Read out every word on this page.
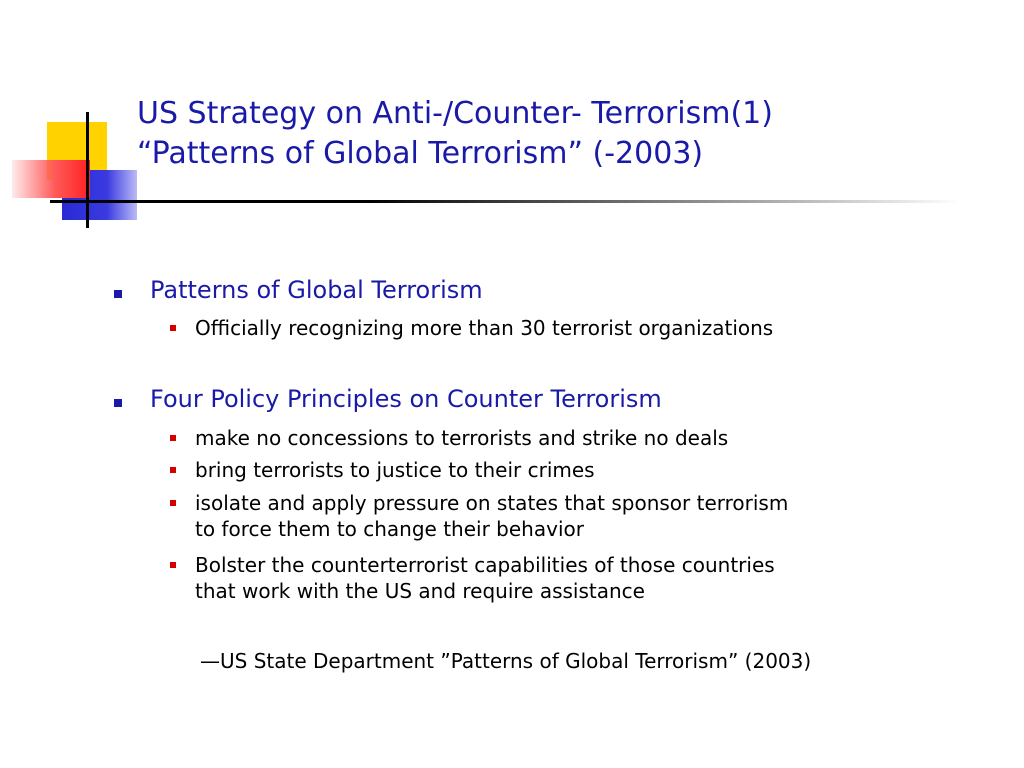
US Strategy on Anti-/Counter- Terrorism(1)
“Patterns of Global Terrorism” (-2003)
Patterns of Global Terrorism
Officially recognizing more than 30 terrorist organizations
Four Policy Principles on Counter Terrorism
make no concessions to terrorists and strike no deals
bring terrorists to justice to their crimes
isolate and apply pressure on states that sponsor terrorism
to force them to change their behavior
Bolster the counterterrorist capabilities of those countries
that work with the US and require assistance
—US State Department ”Patterns of Global Terrorism” (2003)
